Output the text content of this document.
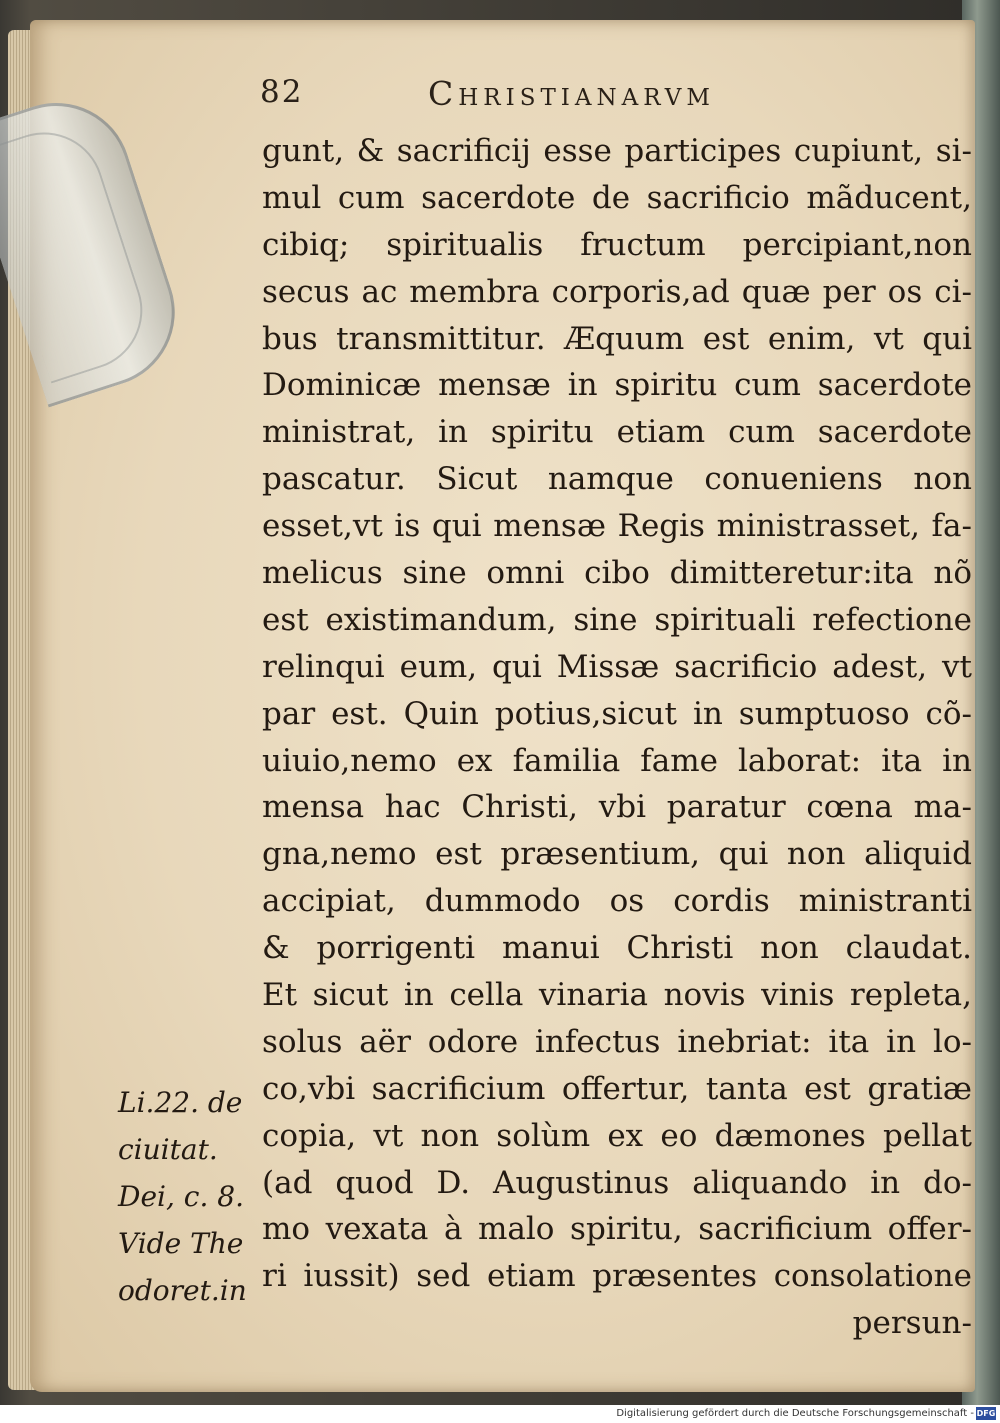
82	Christianarvm
gunt, & sacrificij esse participes cupiunt, si-
mul cum sacerdote de sacrificio mãducent,
cibiq; spiritualis fructum percipiant,non
secus ac membra corporis,ad quæ per os ci-
bus transmittitur. Æquum est enim, vt qui
Dominicæ mensæ in spiritu cum sacerdote
ministrat, in spiritu etiam cum sacerdote
pascatur. Sicut namque conueniens non
esset,vt is qui mensæ Regis ministrasset, fa-
melicus sine omni cibo dimitteretur:ita nõ
est existimandum, sine spirituali refectione
relinqui eum, qui Missæ sacrificio adest, vt
par est. Quin potius,sicut in sumptuoso cõ-
uiuio,nemo ex familia fame laborat: ita in
mensa hac Christi, vbi paratur cœna ma-
gna,nemo est præsentium, qui non aliquid
accipiat, dummodo os cordis ministranti
& porrigenti manui Christi non claudat.
Et sicut in cella vinaria novis vinis repleta,
solus aër odore infectus inebriat: ita in lo-
co,vbi sacrificium offertur, tanta est gratiæ
copia, vt non solùm ex eo dæmones pellat
(ad quod D. Augustinus aliquando in do-
mo vexata à malo spiritu, sacrificium offer-
ri iussit) sed etiam præsentes consolatione
persun-
Li.22. de
ciuitat.
Dei, c. 8.
Vide The
odoret.in
Digitalisierung gefördert durch die Deutsche Forschungsgemeinschaft - DFG
